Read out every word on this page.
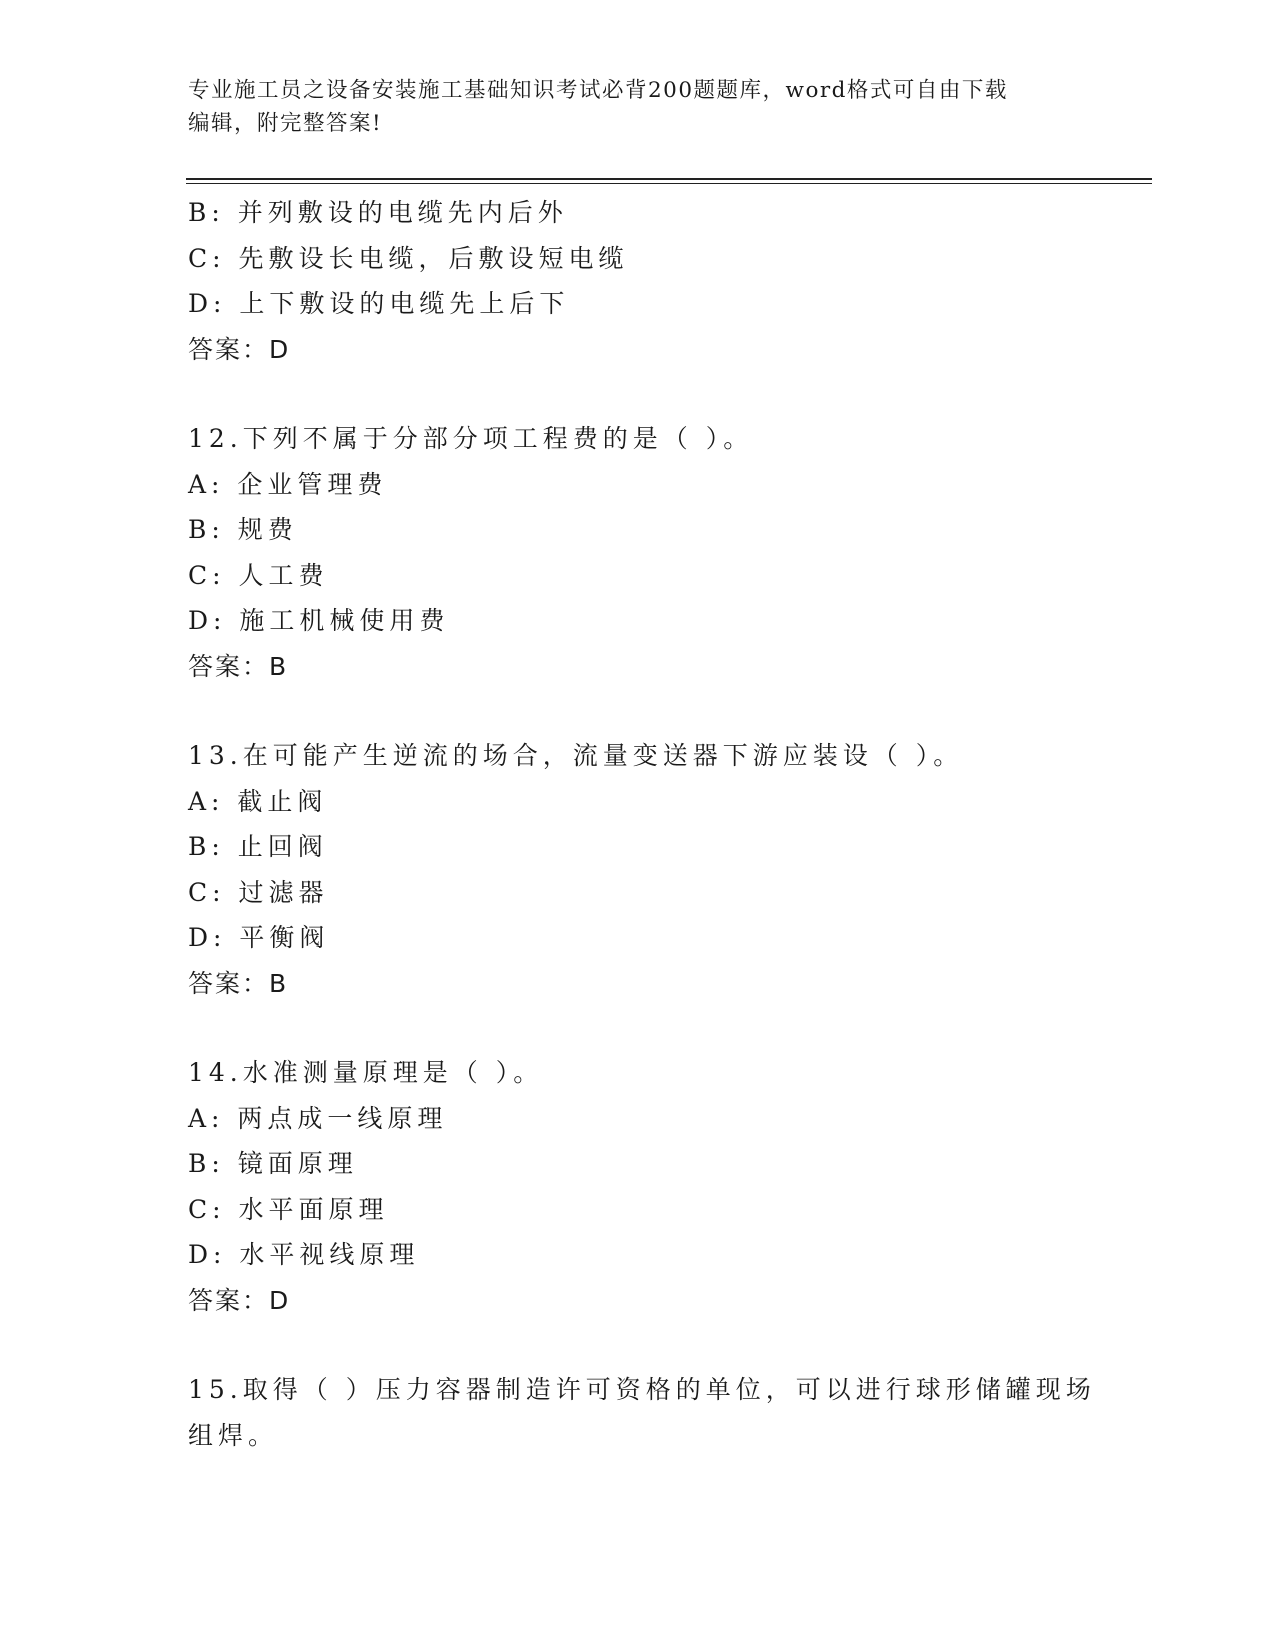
专业施工员之设备安装施工基础知识考试必背200题题库，word格式可自由下载
编辑，附完整答案!
B: 并列敷设的电缆先内后外
C: 先敷设长电缆，后敷设短电缆
D: 上下敷设的电缆先上后下
答案：D
12.下列不属于分部分项工程费的是（ ）。
A: 企业管理费
B: 规费
C: 人工费
D: 施工机械使用费
答案：B
13.在可能产生逆流的场合，流量变送器下游应装设（ ）。
A: 截止阀
B: 止回阀
C: 过滤器
D: 平衡阀
答案：B
14.水准测量原理是（ ）。
A: 两点成一线原理
B: 镜面原理
C: 水平面原理
D: 水平视线原理
答案：D
15.取得（ ）压力容器制造许可资格的单位，可以进行球形储罐现场
组焊。
